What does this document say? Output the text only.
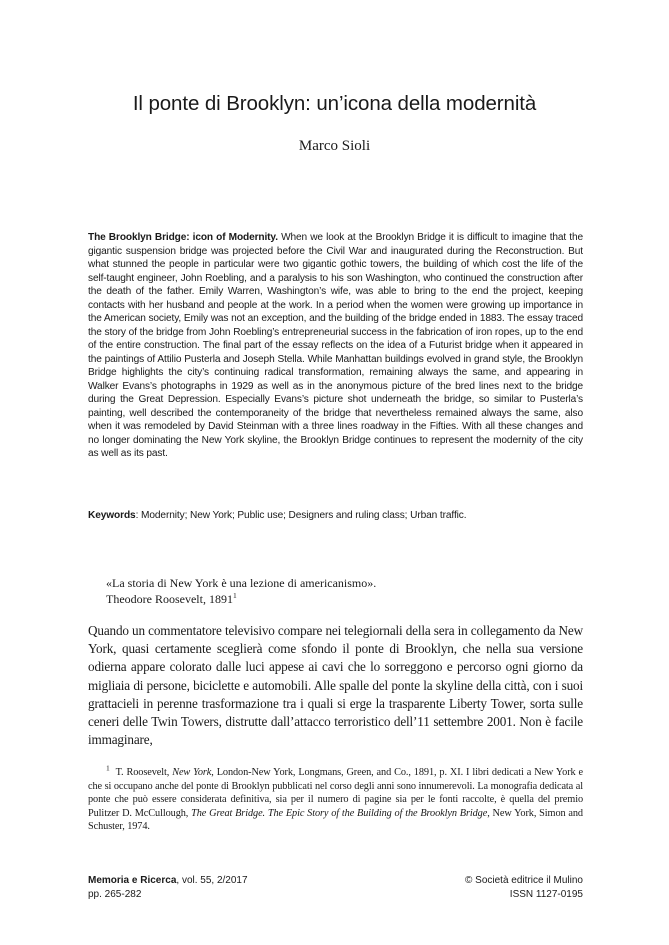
Il ponte di Brooklyn: un’icona della modernità
Marco Sioli
The Brooklyn Bridge: icon of Modernity. When we look at the Brooklyn Bridge it is difficult to imagine that the gigantic suspension bridge was projected before the Civil War and inaugurated during the Reconstruction. But what stunned the people in particular were two gigantic gothic towers, the building of which cost the life of the self-taught engineer, John Roebling, and a paralysis to his son Washington, who continued the construction after the death of the father. Emily Warren, Washington’s wife, was able to bring to the end the project, keeping contacts with her husband and people at the work. In a period when the women were growing up importance in the American society, Emily was not an exception, and the building of the bridge ended in 1883. The essay traced the story of the bridge from John Roebling’s entrepreneurial success in the fabrication of iron ropes, up to the end of the entire construction. The final part of the essay reflects on the idea of a Futurist bridge when it appeared in the paintings of Attilio Pusterla and Joseph Stella. While Manhattan buildings evolved in grand style, the Brooklyn Bridge highlights the city’s continuing radical transformation, remaining always the same, and appearing in Walker Evans’s photographs in 1929 as well as in the anonymous picture of the bred lines next to the bridge during the Great Depression. Especially Evans’s picture shot underneath the bridge, so similar to Pusterla’s painting, well described the contemporaneity of the bridge that nevertheless remained always the same, also when it was remodeled by David Steinman with a three lines roadway in the Fifties. With all these changes and no longer dominating the New York skyline, the Brooklyn Bridge continues to represent the modernity of the city as well as its past.
Keywords: Modernity; New York; Public use; Designers and ruling class; Urban traffic.
«La storia di New York è una lezione di americanismo».
Theodore Roosevelt, 1891$^1$
Quando un commentatore televisivo compare nei telegiornali della sera in collegamento da New York, quasi certamente sceglierà come sfondo il ponte di Brooklyn, che nella sua versione odierna appare colorato dalle luci appese ai cavi che lo sorreggono e percorso ogni giorno da migliaia di persone, biciclette e automobili. Alle spalle del ponte la skyline della città, con i suoi grattacieli in perenne trasformazione tra i quali si erge la trasparente Liberty Tower, sorta sulle ceneri delle Twin Towers, distrutte dall’attacco terroristico dell’11 settembre 2001. Non è facile immaginare,
$^1$ T. Roosevelt, New York, London-New York, Longmans, Green, and Co., 1891, p. XI. I libri dedicati a New York e che si occupano anche del ponte di Brooklyn pubblicati nel corso degli anni sono innumerevoli. La monografia dedicata al ponte che può essere considerata definitiva, sia per il numero di pagine sia per le fonti raccolte, è quella del premio Pulitzer D. McCullough, The Great Bridge. The Epic Story of the Building of the Brooklyn Bridge, New York, Simon and Schuster, 1974.
Memoria e Ricerca, vol. 55, 2/2017
pp. 265-282
© Società editrice il Mulino
ISSN 1127-0195
